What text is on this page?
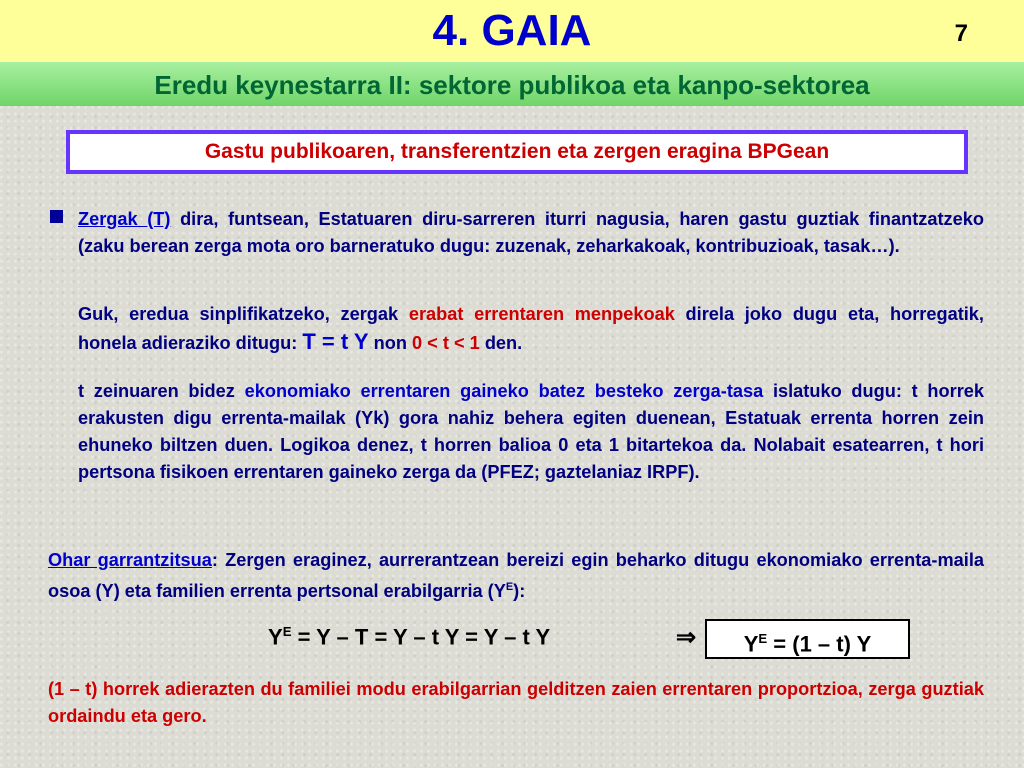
4. GAIA	7
Eredu keynestarra II: sektore publikoa eta kanpo-sektorea
Gastu publikoaren, transferentzien eta zergen eragina BPGean

Zergak (T) dira, funtsean, Estatuaren diru-sarreren iturri nagusia, haren gastu guztiak finantzatzeko (zaku berean zerga mota oro barneratuko dugu: zuzenak, zeharkakoak, kontribuzioak, tasak…).

Guk, eredua sinplifikatzeko, zergak erabat errentaren menpekoak direla joko dugu eta, horregatik, honela adieraziko ditugu: T = t Y non 0 < t < 1 den.

t zeinuaren bidez ekonomiako errentaren gaineko batez besteko zerga-tasa islatuko dugu: t horrek erakusten digu errenta-mailak (Yk) gora nahiz behera egiten duenean, Estatuak errenta horren zein ehuneko biltzen duen. Logikoa denez, t horren balioa 0 eta 1 bitartekoa da. Nolabait esatearren, t hori pertsona fisikoen errentaren gaineko zerga da (PFEZ; gaztelaniaz IRPF).

Ohar garrantzitsua: Zergen eraginez, aurrerantzean bereizi egin beharko ditugu ekonomiako errenta-maila osoa (Y) eta familien errenta pertsonal erabilgarria $(Y^E)$:

$Y^E = Y - T = Y - t$ Y = Y – t Y	⇒	$Y^E = (1 - t)$ Y

(1 – t) horrek adierazten du familiei modu erabilgarrian gelditzen zaien errentaren proportzioa, zerga guztiak ordaindu eta gero.
